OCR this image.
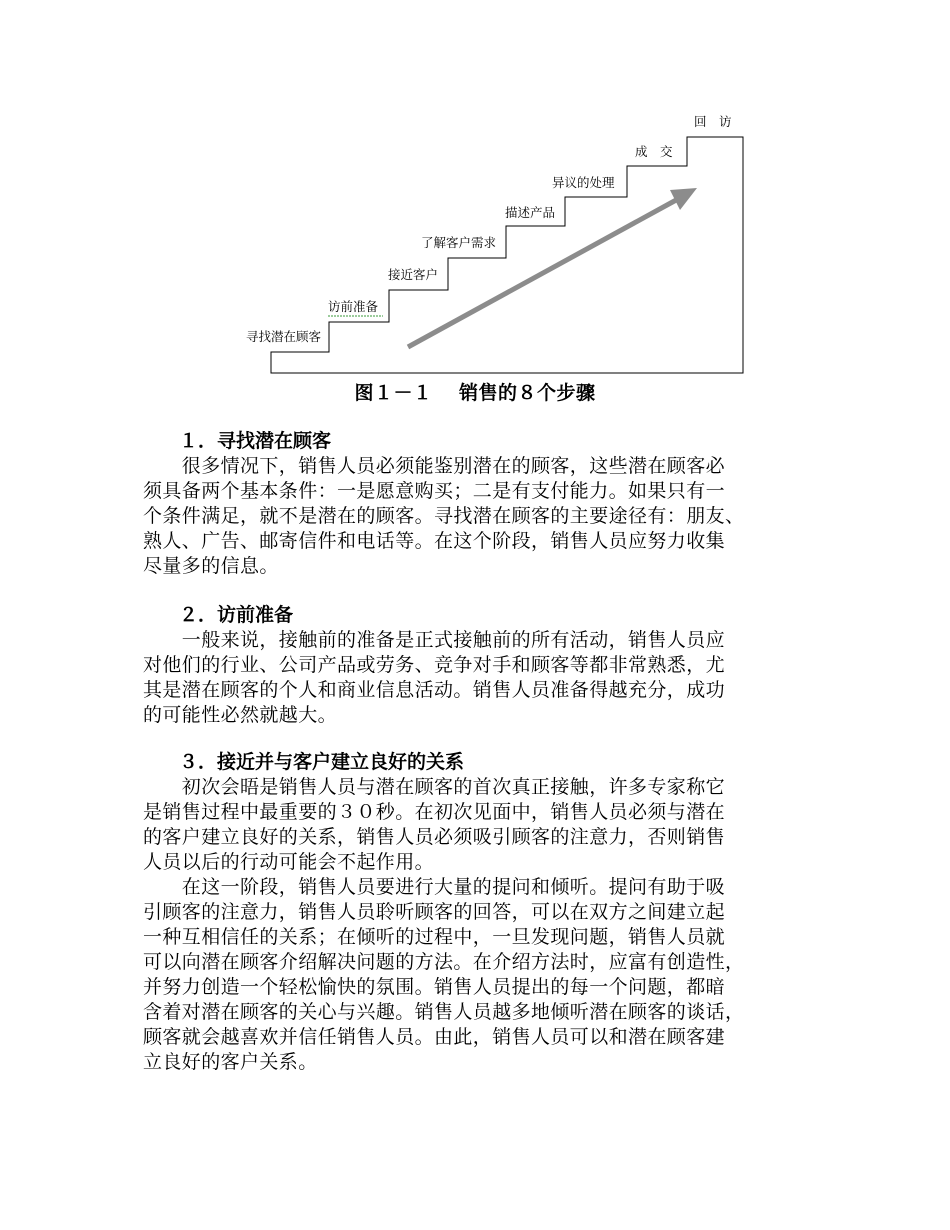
寻找潜在顾客
访前准备
接近客户
了解客户需求
描述产品
异议的处理
成　交
回　访
图１－１　 销售的８个步骤
１．寻找潜在顾客
　　很多情况下，销售人员必须能鉴别潜在的顾客，这些潜在顾客必
须具备两个基本条件：一是愿意购买；二是有支付能力。如果只有一
个条件满足，就不是潜在的顾客。寻找潜在顾客的主要途径有：朋友、
熟人、广告、邮寄信件和电话等。在这个阶段，销售人员应努力收集
尽量多的信息。
２．访前准备
　　一般来说，接触前的准备是正式接触前的所有活动，销售人员应
对他们的行业、公司产品或劳务、竞争对手和顾客等都非常熟悉，尤
其是潜在顾客的个人和商业信息活动。销售人员准备得越充分，成功
的可能性必然就越大。
３．接近并与客户建立良好的关系
　　初次会晤是销售人员与潜在顾客的首次真正接触，许多专家称它
是销售过程中最重要的３０秒。在初次见面中，销售人员必须与潜在
的客户建立良好的关系，销售人员必须吸引顾客的注意力，否则销售
人员以后的行动可能会不起作用。
　　在这一阶段，销售人员要进行大量的提问和倾听。提问有助于吸
引顾客的注意力，销售人员聆听顾客的回答，可以在双方之间建立起
一种互相信任的关系；在倾听的过程中，一旦发现问题，销售人员就
可以向潜在顾客介绍解决问题的方法。在介绍方法时，应富有创造性，
并努力创造一个轻松愉快的氛围。销售人员提出的每一个问题，都暗
含着对潜在顾客的关心与兴趣。销售人员越多地倾听潜在顾客的谈话，
顾客就会越喜欢并信任销售人员。由此，销售人员可以和潜在顾客建
立良好的客户关系。
